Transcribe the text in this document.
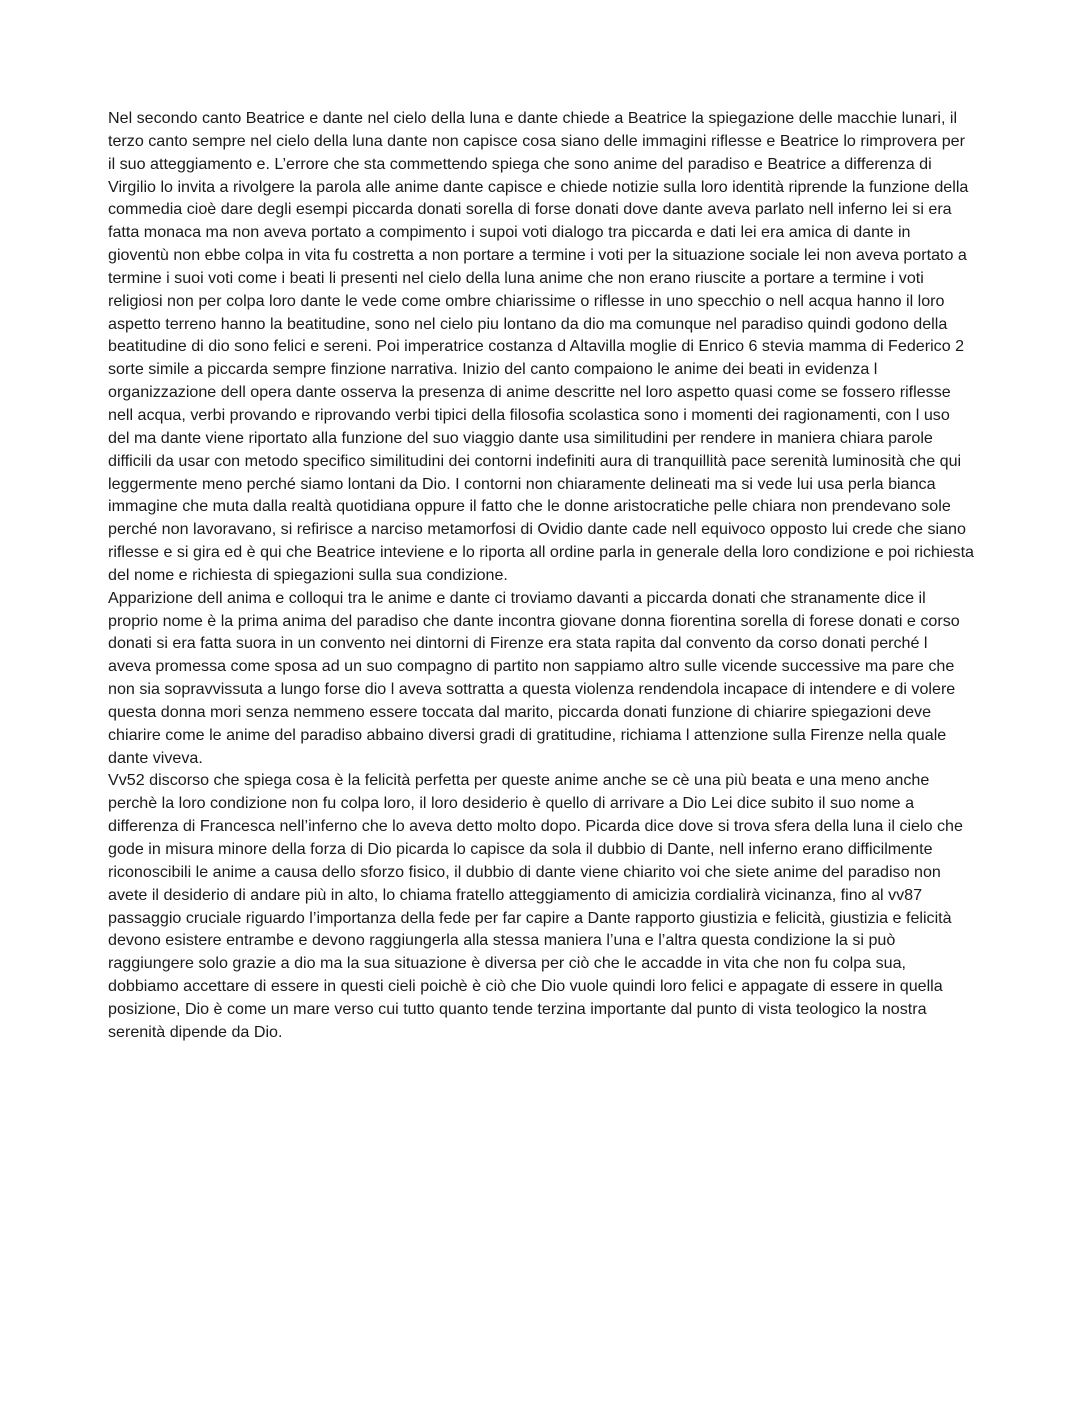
Nel secondo canto Beatrice e dante nel cielo della luna e dante chiede a Beatrice la spiegazione delle macchie lunari, il terzo canto sempre nel cielo della luna dante non capisce cosa siano delle immagini riflesse e Beatrice lo rimprovera per il suo atteggiamento e. L’errore che sta commettendo spiega che sono anime del paradiso e Beatrice a differenza di Virgilio lo invita a rivolgere la parola alle anime dante capisce e chiede notizie sulla loro identità riprende la funzione della commedia cioè dare degli esempi piccarda donati sorella di forse donati dove dante aveva parlato nell inferno lei si era fatta monaca ma non aveva portato a compimento i supoi voti dialogo tra piccarda e dati lei era amica di dante in gioventù non ebbe colpa in vita fu costretta a non portare a termine i voti per la situazione sociale lei non aveva portato a termine i suoi voti come i beati li presenti nel cielo della luna anime che non erano riuscite a portare a termine i voti religiosi non per colpa loro dante le vede come ombre chiarissime o riflesse in uno specchio o nell acqua hanno il loro aspetto terreno hanno la beatitudine, sono nel cielo piu lontano da dio ma comunque nel paradiso quindi godono della beatitudine di dio sono felici e sereni. Poi imperatrice costanza d Altavilla moglie di Enrico 6 stevia mamma di Federico 2 sorte simile a piccarda sempre finzione narrativa. Inizio del canto compaiono le anime dei beati in evidenza l organizzazione dell opera dante osserva la presenza di anime descritte nel loro aspetto quasi come se fossero riflesse nell acqua, verbi provando e riprovando verbi tipici della filosofia scolastica sono i momenti dei ragionamenti, con l uso del ma dante viene riportato alla funzione del suo viaggio dante usa similitudini per rendere in maniera chiara parole difficili da usar con metodo specifico similitudini dei contorni indefiniti aura di tranquillità pace serenità luminosità che qui leggermente meno perché siamo lontani da Dio. I contorni non chiaramente delineati ma si vede lui usa perla bianca immagine che muta dalla realtà quotidiana oppure il fatto che le donne aristocratiche pelle chiara non prendevano sole perché non lavoravano, si refirisce a narciso metamorfosi di Ovidio dante cade nell equivoco opposto lui crede che siano riflesse e si gira ed è qui che Beatrice inteviene e lo riporta all ordine parla in generale della loro condizione e poi richiesta del nome e richiesta di spiegazioni sulla sua condizione.

Apparizione dell anima e colloqui tra le anime e dante ci troviamo davanti a piccarda donati che stranamente dice il proprio nome è la prima anima del paradiso che dante incontra giovane donna fiorentina sorella di forese donati e corso donati si era fatta suora in un convento nei dintorni di Firenze era stata rapita dal convento da corso donati perché l aveva promessa come sposa ad un suo compagno di partito non sappiamo altro sulle vicende successive ma pare che non sia sopravvissuta a lungo forse dio l aveva sottratta a questa violenza rendendola incapace di intendere e di volere questa donna mori senza nemmeno essere toccata dal marito, piccarda donati funzione di chiarire spiegazioni deve chiarire come le anime del paradiso abbaino diversi gradi di gratitudine, richiama l attenzione sulla Firenze nella quale dante viveva.

Vv52 discorso che spiega cosa è la felicità perfetta per queste anime anche se cè una più beata e una meno anche perchè la loro condizione non fu colpa loro, il loro desiderio è quello di arrivare a Dio Lei dice subito il suo nome a differenza di Francesca nell’inferno che lo aveva detto molto dopo. Picarda dice dove si trova sfera della luna il cielo che gode in misura minore della forza di Dio picarda lo capisce da sola il dubbio di Dante, nell inferno erano difficilmente riconoscibili le anime a causa dello sforzo fisico, il dubbio di dante viene chiarito voi che siete anime del paradiso non avete il desiderio di andare più in alto, lo chiama fratello atteggiamento di amicizia cordialirà vicinanza, fino al vv87 passaggio cruciale riguardo l’importanza della fede per far capire a Dante rapporto giustizia e felicità, giustizia e felicità devono esistere entrambe e devono raggiungerla alla stessa maniera l’una e l’altra questa condizione la si può raggiungere solo grazie a dio ma la sua situazione è diversa per ciò che le accadde in vita che non fu colpa sua, dobbiamo accettare di essere in questi cieli poichè è ciò che Dio vuole quindi loro felici e appagate di essere in quella posizione, Dio è come un mare verso cui tutto quanto tende terzina importante dal punto di vista teologico la nostra serenità dipende da Dio.
